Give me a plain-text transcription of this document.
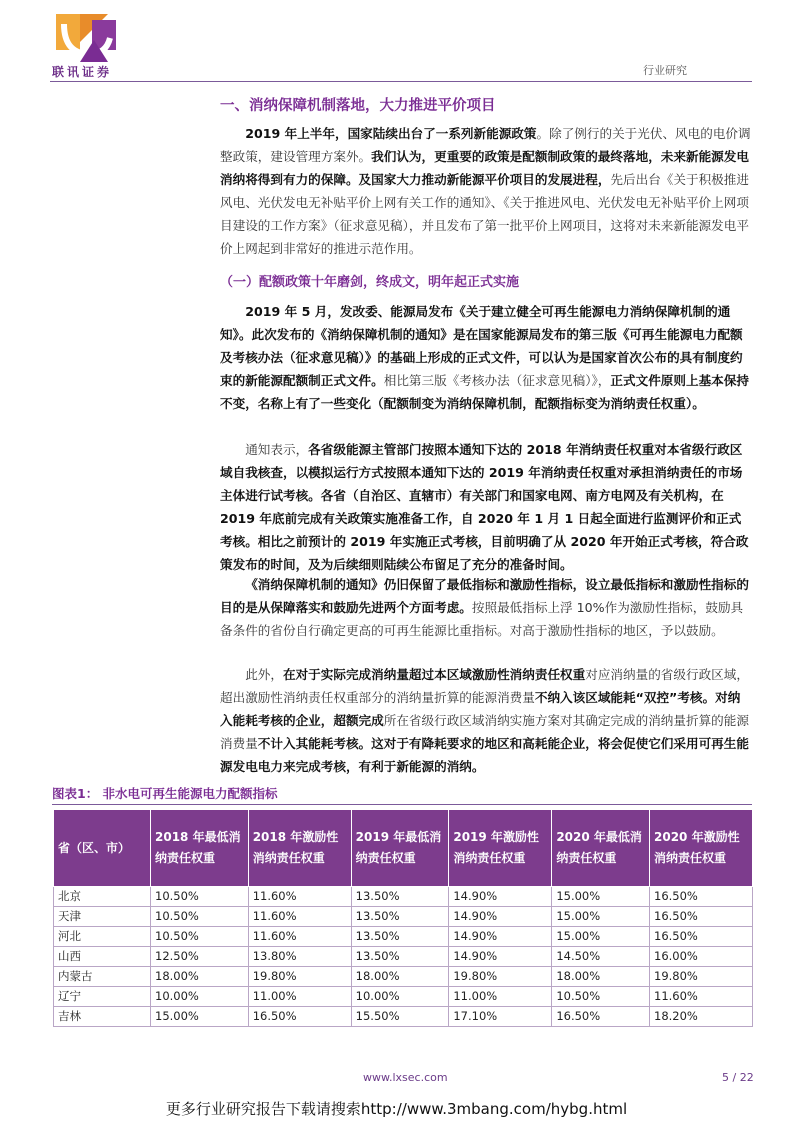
联讯证券	行业研究
一、消纳保障机制落地，大力推进平价项目

2019 年上半年，国家陆续出台了一系列新能源政策。除了例行的关于光伏、风电的电价调整政策，建设管理方案外。我们认为，更重要的政策是配额制政策的最终落地，未来新能源发电消纳将得到有力的保障。及国家大力推动新能源平价项目的发展进程，先后出台《关于积极推进风电、光伏发电无补贴平价上网有关工作的通知》、《关于推进风电、光伏发电无补贴平价上网项目建设的工作方案》（征求意见稿），并且发布了第一批平价上网项目，这将对未来新能源发电平价上网起到非常好的推进示范作用。

（一）配额政策十年磨剑，终成文，明年起正式实施

2019 年 5 月，发改委、能源局发布《关于建立健全可再生能源电力消纳保障机制的通知》。此次发布的《消纳保障机制的通知》是在国家能源局发布的第三版《可再生能源电力配额及考核办法（征求意见稿）》的基础上形成的正式文件，可以认为是国家首次公布的具有制度约束的新能源配额制正式文件。相比第三版《考核办法（征求意见稿）》，正式文件原则上基本保持不变，名称上有了一些变化（配额制变为消纳保障机制，配额指标变为消纳责任权重）。

通知表示，各省级能源主管部门按照本通知下达的 2018 年消纳责任权重对本省级行政区域自我核查，以模拟运行方式按照本通知下达的 2019 年消纳责任权重对承担消纳责任的市场主体进行试考核。各省（自治区、直辖市）有关部门和国家电网、南方电网及有关机构，在 2019 年底前完成有关政策实施准备工作，自 2020 年 1 月 1 日起全面进行监测评价和正式考核。相比之前预计的 2019 年实施正式考核，目前明确了从 2020 年开始正式考核，符合政策发布的时间，及为后续细则陆续公布留足了充分的准备时间。

《消纳保障机制的通知》仍旧保留了最低指标和激励性指标，设立最低指标和激励性指标的目的是从保障落实和鼓励先进两个方面考虑。按照最低指标上浮 10%作为激励性指标，鼓励具备条件的省份自行确定更高的可再生能源比重指标。对高于激励性指标的地区，予以鼓励。

此外，在对于实际完成消纳量超过本区域激励性消纳责任权重对应消纳量的省级行政区域，超出激励性消纳责任权重部分的消纳量折算的能源消费量不纳入该区域能耗“双控”考核。对纳入能耗考核的企业，超额完成所在省级行政区域消纳实施方案对其确定完成的消纳量折算的能源消费量不计入其能耗考核。这对于有降耗要求的地区和高耗能企业，将会促使它们采用可再生能源发电电力来完成考核，有利于新能源的消纳。

图表1： 非水电可再生能源电力配额指标
省（区、市）	2018 年最低消纳责任权重	2018 年激励性消纳责任权重	2019 年最低消纳责任权重	2019 年激励性消纳责任权重	2020 年最低消纳责任权重	2020 年激励性消纳责任权重
北京	10.50%	11.60%	13.50%	14.90%	15.00%	16.50%
天津	10.50%	11.60%	13.50%	14.90%	15.00%	16.50%
河北	10.50%	11.60%	13.50%	14.90%	15.00%	16.50%
山西	12.50%	13.80%	13.50%	14.90%	14.50%	16.00%
内蒙古	18.00%	19.80%	18.00%	19.80%	18.00%	19.80%
辽宁	10.00%	11.00%	10.00%	11.00%	10.50%	11.60%
吉林	15.00%	16.50%	15.50%	17.10%	16.50%	18.20%
www.lxsec.com	5 / 22
更多行业研究报告下载请搜索http://www.3mbang.com/hybg.html
